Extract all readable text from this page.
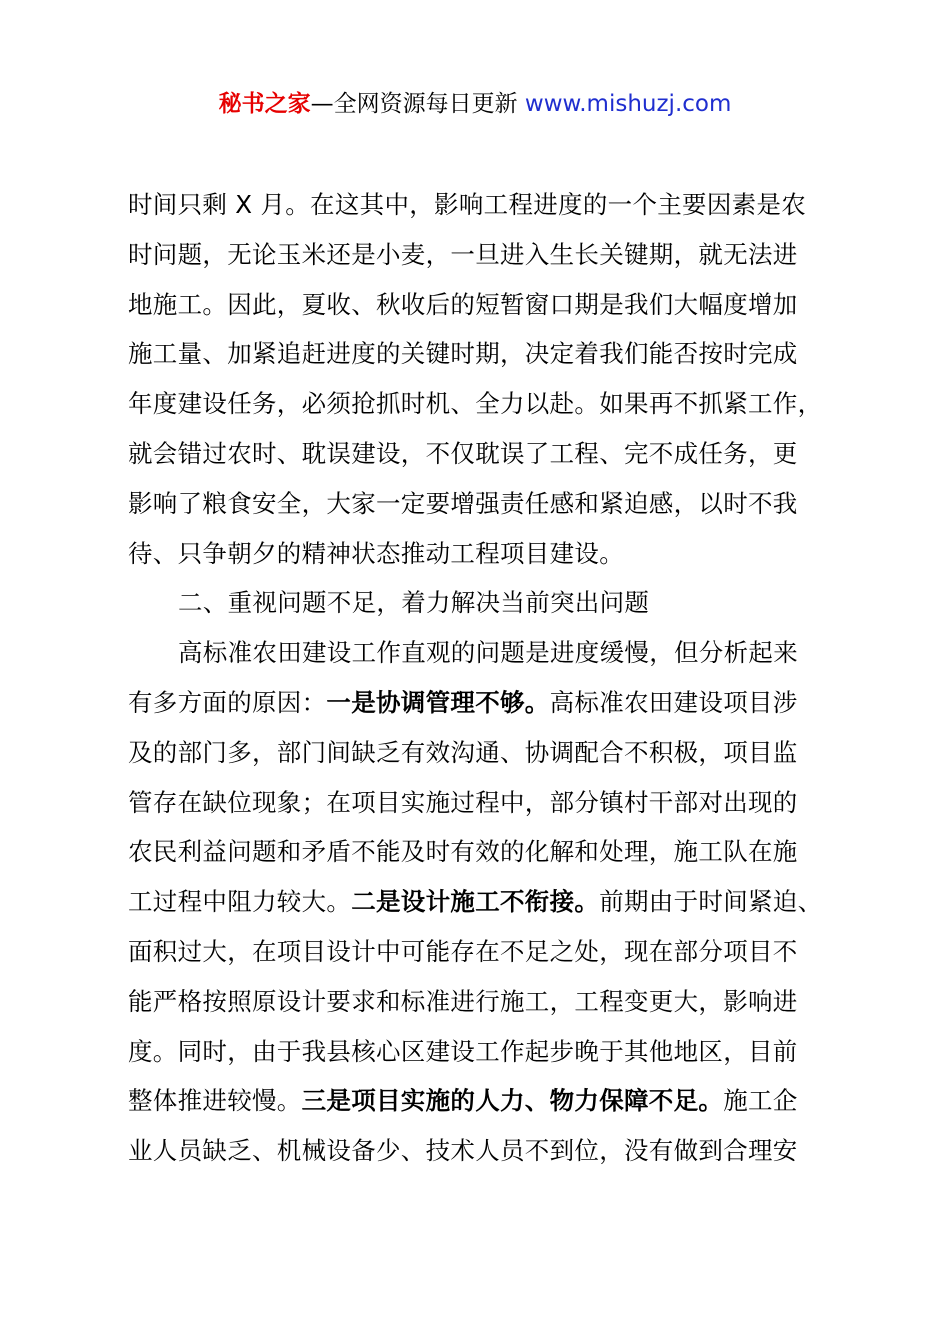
秘书之家—全网资源每日更新 www.mishuzj.com
时间只剩 X 月。在这其中，影响工程进度的一个主要因素是农
时问题，无论玉米还是小麦，一旦进入生长关键期，就无法进
地施工。因此，夏收、秋收后的短暂窗口期是我们大幅度增加
施工量、加紧追赶进度的关键时期，决定着我们能否按时完成
年度建设任务，必须抢抓时机、全力以赴。如果再不抓紧工作，
就会错过农时、耽误建设，不仅耽误了工程、完不成任务，更
影响了粮食安全，大家一定要增强责任感和紧迫感，以时不我
待、只争朝夕的精神状态推动工程项目建设。
二、重视问题不足，着力解决当前突出问题
高标准农田建设工作直观的问题是进度缓慢，但分析起来
有多方面的原因：一是协调管理不够。高标准农田建设项目涉
及的部门多，部门间缺乏有效沟通、协调配合不积极，项目监
管存在缺位现象；在项目实施过程中，部分镇村干部对出现的
农民利益问题和矛盾不能及时有效的化解和处理，施工队在施
工过程中阻力较大。二是设计施工不衔接。前期由于时间紧迫、
面积过大，在项目设计中可能存在不足之处，现在部分项目不
能严格按照原设计要求和标准进行施工，工程变更大，影响进
度。同时，由于我县核心区建设工作起步晚于其他地区，目前
整体推进较慢。三是项目实施的人力、物力保障不足。施工企
业人员缺乏、机械设备少、技术人员不到位，没有做到合理安
